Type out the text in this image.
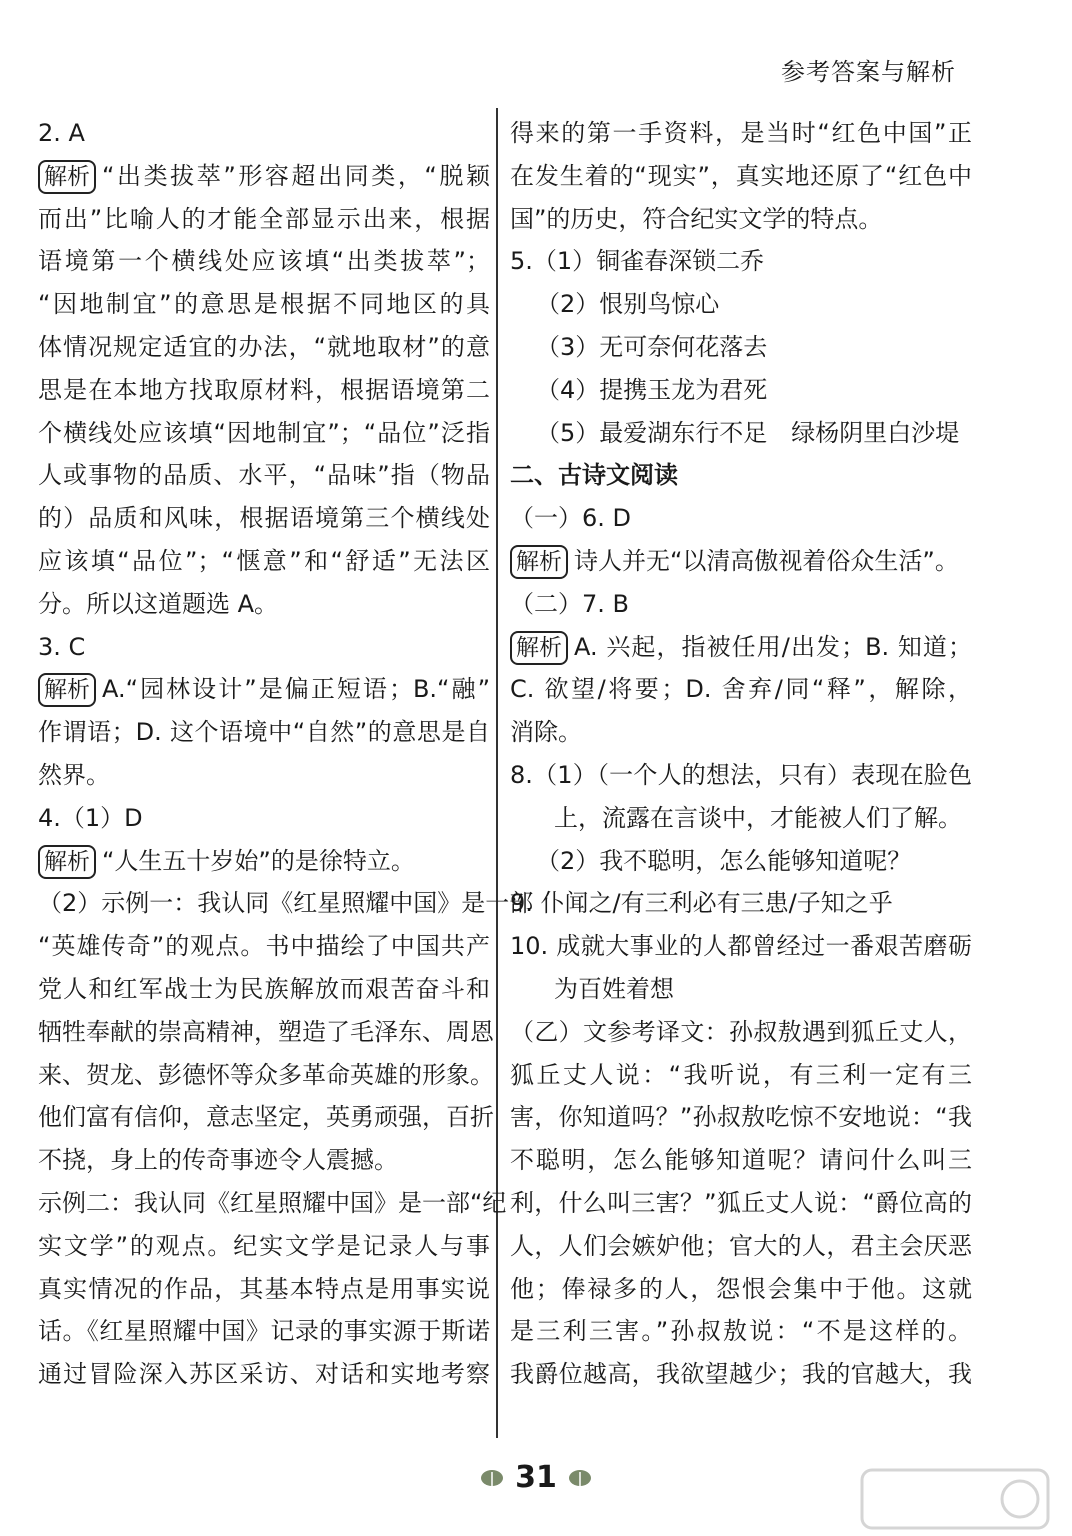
参考答案与解析
2. A
解析 “出类拔萃”形容超出同类，“脱颖
而出”比喻人的才能全部显示出来，根据
语境第一个横线处应该填“出类拔萃”；
“因地制宜”的意思是根据不同地区的具
体情况规定适宜的办法，“就地取材”的意
思是在本地方找取原材料，根据语境第二
个横线处应该填“因地制宜”；“品位”泛指
人或事物的品质、水平，“品味”指（物品
的）品质和风味，根据语境第三个横线处
应该填“品位”；“惬意”和“舒适”无法区
分。所以这道题选 A。
3. C
解析 A.“园林设计”是偏正短语；B.“融”
作谓语；D. 这个语境中“自然”的意思是自
然界。
4.（1）D
解析 “人生五十岁始”的是徐特立。
（2）示例一：我认同《红星照耀中国》是一部
“英雄传奇”的观点。书中描绘了中国共产
党人和红军战士为民族解放而艰苦奋斗和
牺牲奉献的崇高精神，塑造了毛泽东、周恩
来、贺龙、彭德怀等众多革命英雄的形象。
他们富有信仰，意志坚定，英勇顽强，百折
不挠，身上的传奇事迹令人震撼。
示例二：我认同《红星照耀中国》是一部“纪
实文学”的观点。纪实文学是记录人与事
真实情况的作品，其基本特点是用事实说
话。《红星照耀中国》记录的事实源于斯诺
通过冒险深入苏区采访、对话和实地考察
得来的第一手资料，是当时“红色中国”正
在发生着的“现实”，真实地还原了“红色中
国”的历史，符合纪实文学的特点。
5.（1）铜雀春深锁二乔
（2）恨别鸟惊心
（3）无可奈何花落去
（4）提携玉龙为君死
（5）最爱湖东行不足　绿杨阴里白沙堤
二、古诗文阅读
（一）6. D
解析 诗人并无“以清高傲视着俗众生活”。
（二）7. B
解析 A. 兴起，指被任用/出发；B. 知道；
C. 欲望/将要；D. 舍弃/同“释”，解除，
消除。
8.（1）（一个人的想法，只有）表现在脸色
上，流露在言谈中，才能被人们了解。
（2）我不聪明，怎么能够知道呢？
9. 仆闻之/有三利必有三患/子知之乎
10. 成就大事业的人都曾经过一番艰苦磨砺
为百姓着想
（乙）文参考译文：孙叔敖遇到狐丘丈人，
狐丘丈人说：“我听说，有三利一定有三
害，你知道吗？”孙叔敖吃惊不安地说：“我
不聪明，怎么能够知道呢？请问什么叫三
利，什么叫三害？”狐丘丈人说：“爵位高的
人，人们会嫉妒他；官大的人，君主会厌恶
他；俸禄多的人，怨恨会集中于他。这就
是三利三害。”孙叔敖说：“不是这样的。
我爵位越高，我欲望越少；我的官越大，我
31
